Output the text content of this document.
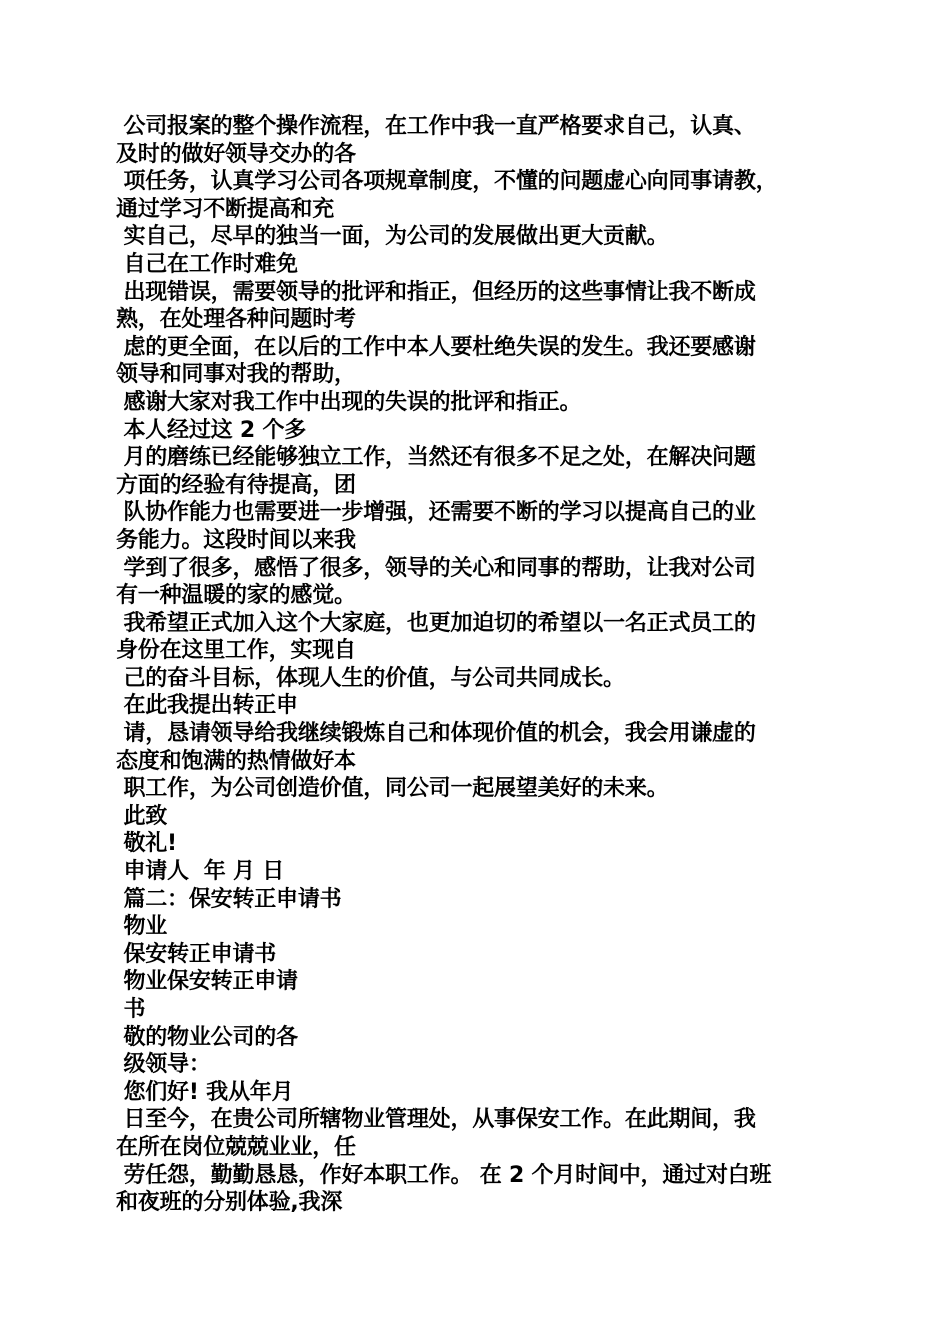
公司报案的整个操作流程，在工作中我一直严格要求自己，认真、
及时的做好领导交办的各
项任务，认真学习公司各项规章制度，不懂的问题虚心向同事请教，
通过学习不断提高和充
实自己，尽早的独当一面，为公司的发展做出更大贡献。
自己在工作时难免
出现错误，需要领导的批评和指正，但经历的这些事情让我不断成
熟，在处理各种问题时考
虑的更全面，在以后的工作中本人要杜绝失误的发生。我还要感谢
领导和同事对我的帮助，
感谢大家对我工作中出现的失误的批评和指正。
本人经过这 2 个多
月的磨练已经能够独立工作，当然还有很多不足之处，在解决问题
方面的经验有待提高，团
队协作能力也需要进一步增强，还需要不断的学习以提高自己的业
务能力。这段时间以来我
学到了很多，感悟了很多，领导的关心和同事的帮助，让我对公司
有一种温暖的家的感觉。
我希望正式加入这个大家庭，也更加迫切的希望以一名正式员工的
身份在这里工作，实现自
己的奋斗目标，体现人生的价值，与公司共同成长。
在此我提出转正申
请，恳请领导给我继续锻炼自己和体现价值的机会，我会用谦虚的
态度和饱满的热情做好本
职工作，为公司创造价值，同公司一起展望美好的未来。
此致
敬礼!
申请人  年 月 日
篇二：保安转正申请书
物业
保安转正申请书
物业保安转正申请
书
敬的物业公司的各
级领导：
您们好! 我从年月
日至今，在贵公司所辖物业管理处，从事保安工作。在此期间，我
在所在岗位兢兢业业，任
劳任怨，勤勤恳恳，作好本职工作。 在 2 个月时间中，通过对白班
和夜班的分别体验,我深
